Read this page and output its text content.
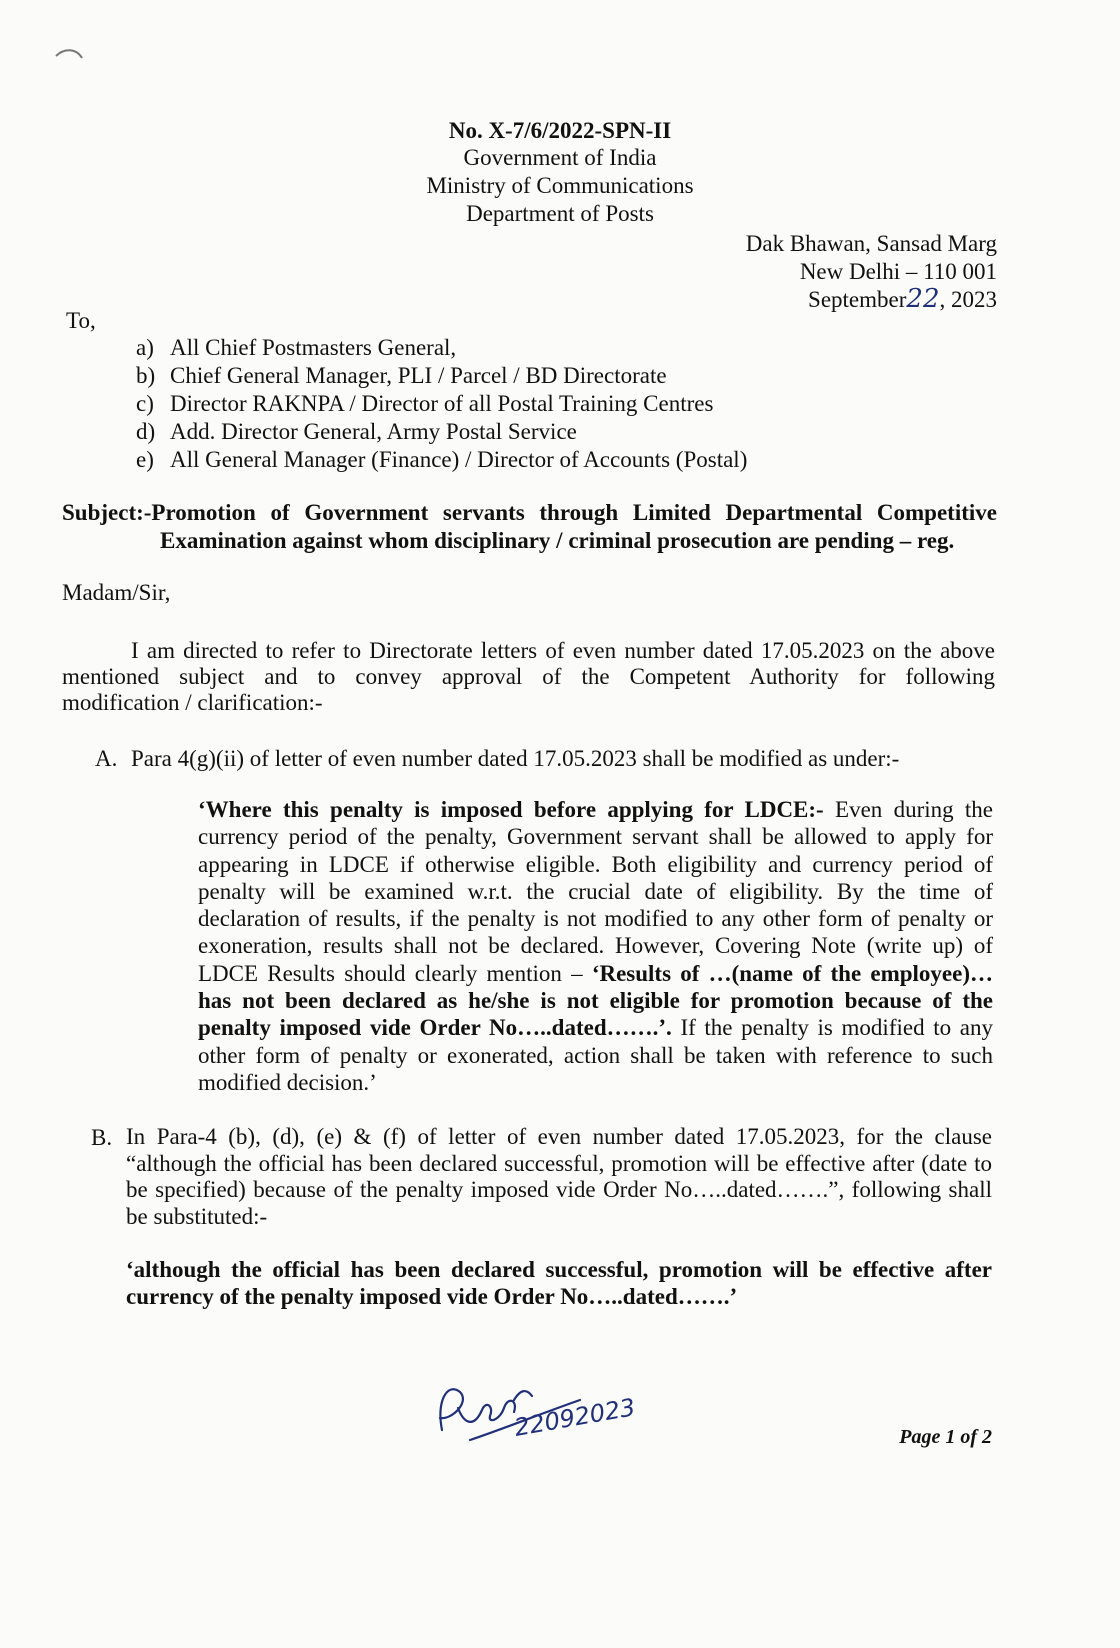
No. X-7/6/2022-SPN-II
Government of India
Ministry of Communications
Department of Posts
Dak Bhawan, Sansad Marg
New Delhi – 110 001
September22, 2023
To,
a) All Chief Postmasters General,
b) Chief General Manager, PLI / Parcel / BD Directorate
c) Director RAKNPA / Director of all Postal Training Centres
d) Add. Director General, Army Postal Service
e) All General Manager (Finance) / Director of Accounts (Postal)
Subject:-Promotion of Government servants through Limited Departmental Competitive
Examination against whom disciplinary / criminal prosecution are pending – reg.
Madam/Sir,
I am directed to refer to Directorate letters of even number dated 17.05.2023 on the above
mentioned subject and to convey approval of the Competent Authority for following
modification / clarification:-
A. Para 4(g)(ii) of letter of even number dated 17.05.2023 shall be modified as under:-
‘Where this penalty is imposed before applying for LDCE:- Even during the currency period of the penalty, Government servant shall be allowed to apply for appearing in LDCE if otherwise eligible. Both eligibility and currency period of penalty will be examined w.r.t. the crucial date of eligibility. By the time of declaration of results, if the penalty is not modified to any other form of penalty or exoneration, results shall not be declared. However, Covering Note (write up) of LDCE Results should clearly mention – ‘Results of …(name of the employee)… has not been declared as he/she is not eligible for promotion because of the penalty imposed vide Order No…..dated…….’. If the penalty is modified to any other form of penalty or exonerated, action shall be taken with reference to such modified decision.’
B. In Para-4 (b), (d), (e) & (f) of letter of even number dated 17.05.2023, for the clause “although the official has been declared successful, promotion will be effective after (date to be specified) because of the penalty imposed vide Order No…..dated…….”, following shall be substituted:-
‘although the official has been declared successful, promotion will be effective after currency of the penalty imposed vide Order No…..dated…….’
22092023	Page 1 of 2
